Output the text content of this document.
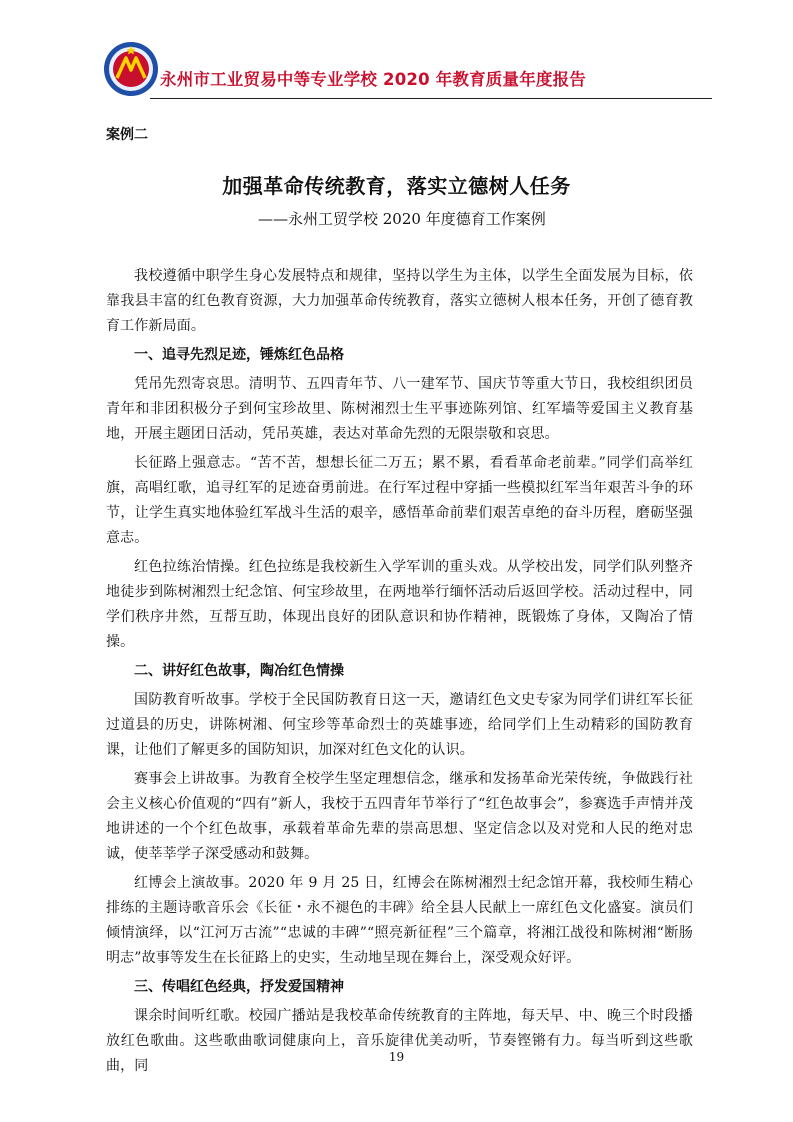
永州市工业贸易中等专业学校 2020 年教育质量年度报告
案例二
加强革命传统教育，落实立德树人任务
——永州工贸学校 2020 年度德育工作案例

我校遵循中职学生身心发展特点和规律，坚持以学生为主体，以学生全面发展为目标，依靠我县丰富的红色教育资源，大力加强革命传统教育，落实立德树人根本任务，开创了德育教育工作新局面。

一、追寻先烈足迹，锤炼红色品格

凭吊先烈寄哀思。清明节、五四青年节、八一建军节、国庆节等重大节日，我校组织团员青年和非团积极分子到何宝珍故里、陈树湘烈士生平事迹陈列馆、红军墙等爱国主义教育基地，开展主题团日活动，凭吊英雄，表达对革命先烈的无限崇敬和哀思。

长征路上强意志。“苦不苦，想想长征二万五；累不累，看看革命老前辈。”同学们高举红旗，高唱红歌，追寻红军的足迹奋勇前进。在行军过程中穿插一些模拟红军当年艰苦斗争的环节，让学生真实地体验红军战斗生活的艰辛，感悟革命前辈们艰苦卓绝的奋斗历程，磨砺坚强意志。

红色拉练治情操。红色拉练是我校新生入学军训的重头戏。从学校出发，同学们队列整齐地徒步到陈树湘烈士纪念馆、何宝珍故里，在两地举行缅怀活动后返回学校。活动过程中，同学们秩序井然，互帮互助，体现出良好的团队意识和协作精神，既锻炼了身体，又陶冶了情操。

二、讲好红色故事，陶冶红色情操

国防教育听故事。学校于全民国防教育日这一天，邀请红色文史专家为同学们讲红军长征过道县的历史，讲陈树湘、何宝珍等革命烈士的英雄事迹，给同学们上生动精彩的国防教育课，让他们了解更多的国防知识，加深对红色文化的认识。

赛事会上讲故事。为教育全校学生坚定理想信念，继承和发扬革命光荣传统，争做践行社会主义核心价值观的“四有”新人，我校于五四青年节举行了“红色故事会”，参赛选手声情并茂地讲述的一个个红色故事，承载着革命先辈的崇高思想、坚定信念以及对党和人民的绝对忠诚，使莘莘学子深受感动和鼓舞。

红博会上演故事。2020 年 9 月 25 日，红博会在陈树湘烈士纪念馆开幕，我校师生精心排练的主题诗歌音乐会《长征・永不褪色的丰碑》给全县人民献上一席红色文化盛宴。演员们倾情演绎，以“江河万古流”“忠诚的丰碑”“照亮新征程”三个篇章，将湘江战役和陈树湘“断肠明志”故事等发生在长征路上的史实，生动地呈现在舞台上，深受观众好评。

三、传唱红色经典，抒发爱国精神

课余时间听红歌。校园广播站是我校革命传统教育的主阵地，每天早、中、晚三个时段播放红色歌曲。这些歌曲歌词健康向上，音乐旋律优美动听，节奏铿锵有力。每当听到这些歌曲，同

19
